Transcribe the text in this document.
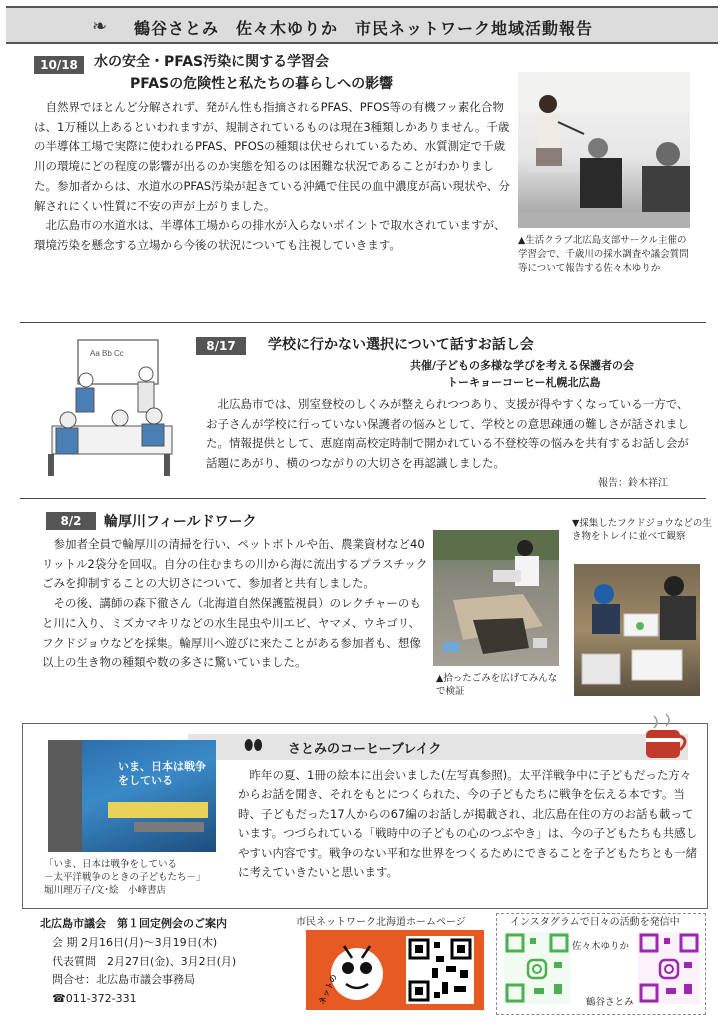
❧ 鶴谷さとみ　佐々木ゆりか　市民ネットワーク地域活動報告
10/18	水の安全・PFAS汚染に関する学習会
PFASの危険性と私たちの暮らしへの影響

　自然界でほとんど分解されず、発がん性も指摘されるPFAS、PFOS等の有機フッ素化合物は、1万種以上あるといわれますが、規制されているものは現在3種類しかありません。千歳の半導体工場で実際に使われるPFAS、PFOSの種類は伏せられているため、水質測定で千歳川の環境にどの程度の影響が出るのか実態を知るのは困難な状況であることがわかりました。参加者からは、水道水のPFAS汚染が起きている沖縄で住民の血中濃度が高い現状や、分解されにくい性質に不安の声が上がりました。

　北広島市の水道水は、半導体工場からの排水が入らないポイントで取水されていますが、環境汚染を懸念する立場から今後の状況についても注視していきます。	▲生活クラブ北広島支部サークル主催の学習会で、千歳川の採水調査や議会質問等について報告する佐々木ゆりか
Aa Bb Cc
8/17	学校に行かない選択について話すお話し会
共催/子どもの多様な学びを考える保護者の会
トーキョーコーヒー札幌北広島
　北広島市では、別室登校のしくみが整えられつつあり、支援が得やすくなっている一方で、お子さんが学校に行っていない保護者の悩みとして、学校との意思疎通の難しさが話されました。情報提供として、恵庭南高校定時制で開かれている不登校等の悩みを共有するお話し会が話題にあがり、横のつながりの大切さを再認識しました。
報告：鈴木祥江
8/2	輪厚川フィールドワーク

　参加者全員で輪厚川の清掃を行い、ペットボトルや缶、農業資材など40リットル2袋分を回収。自分の住むまちの川から海に流出するプラスチックごみを抑制することの大切さについて、参加者と共有しました。

　その後、講師の森下徹さん（北海道自然保護監視員）のレクチャーのもと川に入り、ミズカマキリなどの水生昆虫や川エビ、ヤマメ、ウキゴリ、フクドジョウなどを採集。輪厚川へ遊びに来たことがある参加者も、想像以上の生き物の種類や数の多さに驚いていました。

▲拾ったごみを広げてみんなで検証
▼採集したフクドジョウなどの生き物をトレイに並べて観察
⬮⬮ さとみのコーヒーブレイク
いま、日本は戦争をしている
「いま、日本は戦争をしている
－太平洋戦争のときの子どもたち－」
堀川理万子/文･絵　小峰書店
　昨年の夏、1冊の絵本に出会いました(左写真参照)。太平洋戦争中に子どもだった方々からお話を聞き、それをもとにつくられた、今の子どもたちに戦争を伝える本です。当時、子どもだった17人からの67編のお話しが掲載され、北広島在住の方のお話も載っています。つづられている「戦時中の子どもの心のつぶやき」は、今の子どもたちも共感しやすい内容です。戦争のない平和な世界をつくるためにできることを子どもたちとも一緒に考えていきたいと思います。
北広島市議会　第１回定例会のご案内
会 期 2月16日(月)～3月19日(木)
代表質問　2月27日(金)、3月2日(月)
問合せ：北広島市議会事務局
☎011-372-331
市民ネットワーク北海道ホームページ
ネットの
インスタグラムで日々の活動を発信中
佐々木ゆりか
鶴谷さとみ
